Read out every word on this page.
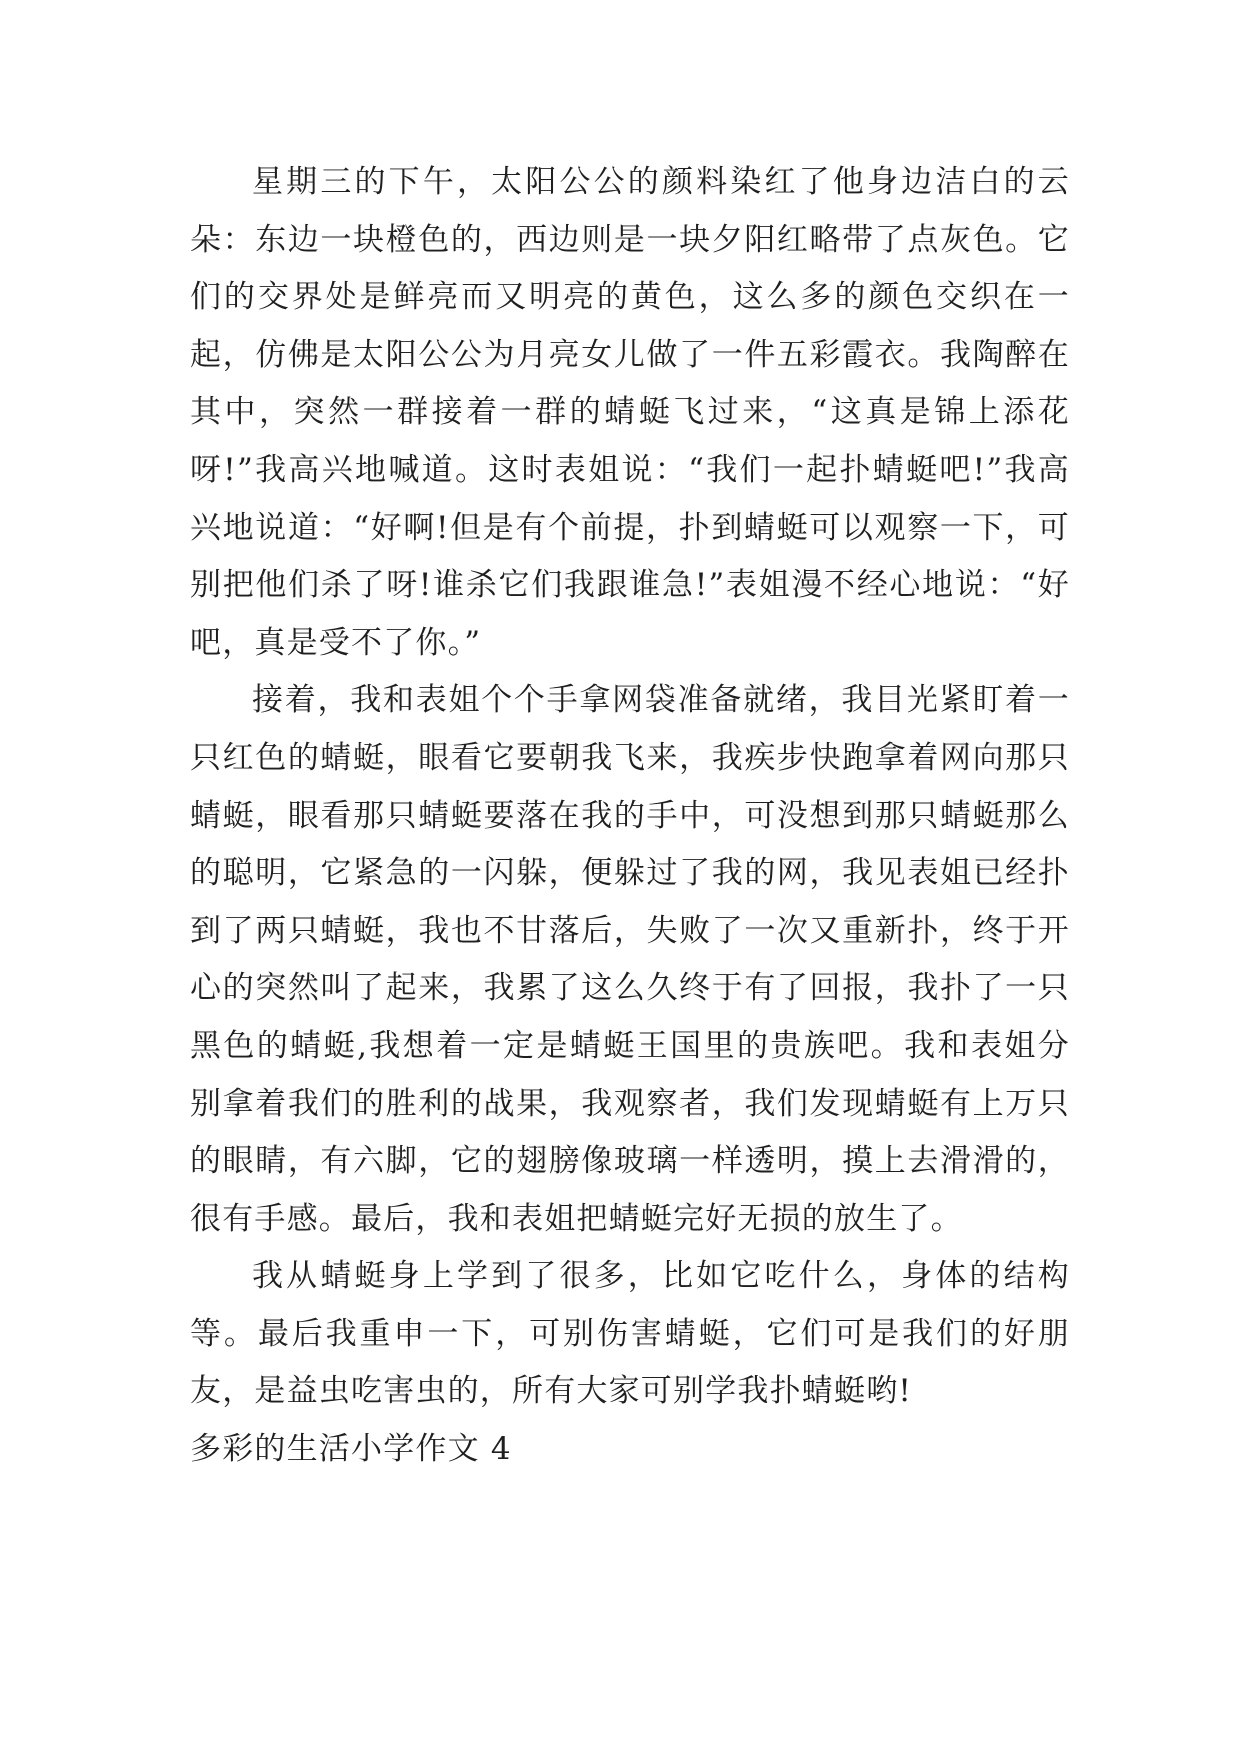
星期三的下午，太阳公公的颜料染红了他身边洁白的云朵：东边一块橙色的，西边则是一块夕阳红略带了点灰色。它们的交界处是鲜亮而又明亮的黄色，这么多的颜色交织在一起，仿佛是太阳公公为月亮女儿做了一件五彩霞衣。我陶醉在其中，突然一群接着一群的蜻蜓飞过来，“这真是锦上添花呀!”我高兴地喊道。这时表姐说：“我们一起扑蜻蜓吧!”我高兴地说道：“好啊!但是有个前提，扑到蜻蜓可以观察一下，可别把他们杀了呀!谁杀它们我跟谁急!”表姐漫不经心地说：“好吧，真是受不了你。”

接着，我和表姐个个手拿网袋准备就绪，我目光紧盯着一只红色的蜻蜓，眼看它要朝我飞来，我疾步快跑拿着网向那只蜻蜓，眼看那只蜻蜓要落在我的手中，可没想到那只蜻蜓那么的聪明，它紧急的一闪躲，便躲过了我的网，我见表姐已经扑到了两只蜻蜓，我也不甘落后，失败了一次又重新扑，终于开心的突然叫了起来，我累了这么久终于有了回报，我扑了一只黑色的蜻蜓,我想着一定是蜻蜓王国里的贵族吧。我和表姐分别拿着我们的胜利的战果，我观察者，我们发现蜻蜓有上万只的眼睛，有六脚，它的翅膀像玻璃一样透明，摸上去滑滑的，很有手感。最后，我和表姐把蜻蜓完好无损的放生了。

我从蜻蜓身上学到了很多，比如它吃什么，身体的结构等。最后我重申一下，可别伤害蜻蜓，它们可是我们的好朋友，是益虫吃害虫的，所有大家可别学我扑蜻蜓哟!

多彩的生活小学作文 4
